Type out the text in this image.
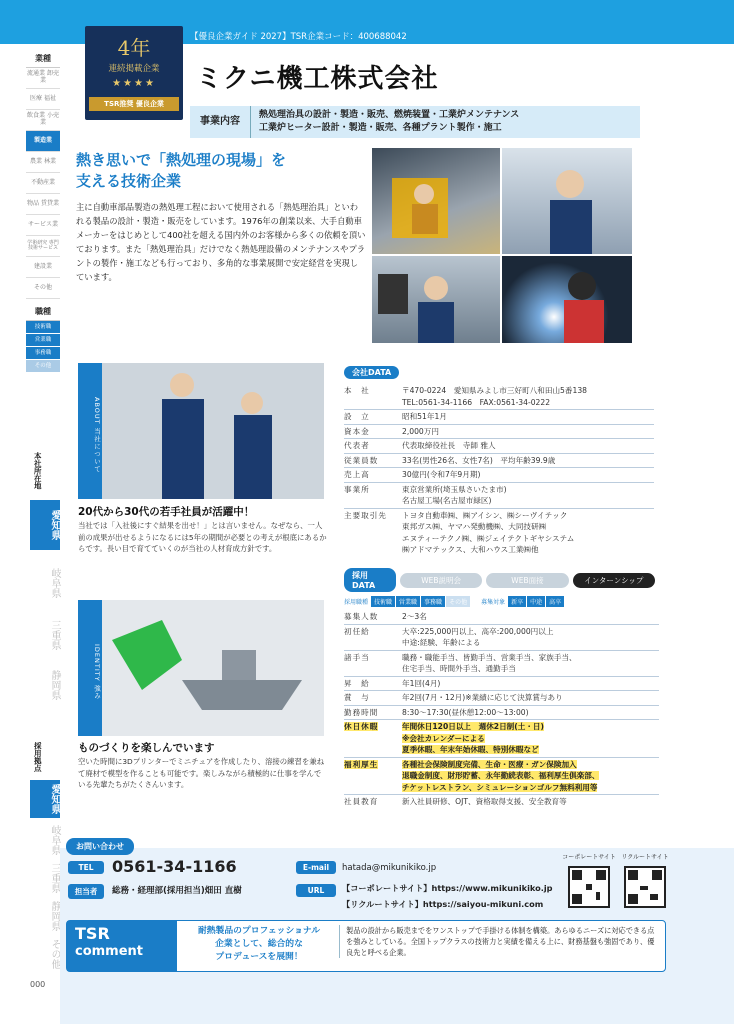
【優良企業ガイド 2027】TSR企業コード：400688042
業種
流通業 卸売業
医療 福祉
飲食業 小売業
製造業
農業 林業
不動産業
物品 賃貸業
サービス業
学術研究 専門 技術サービス
建設業
その他
職種
技術職
営業職
事務職
その他
本社所在地
愛知県
岐阜県
三重県
静岡県
採用拠点
愛知県
岐阜県
三重県
静岡県
その他
000
4年
連続掲載企業
★★★★
TSR推奨 優良企業
ミクニ機工株式会社
事業内容
熱処理治具の設計・製造・販売、燃焼装置・工業炉メンテナンス
工業炉ヒーター設計・製造・販売、各種プラント製作・施工
熱き思いで「熱処理の現場」を
支える技術企業
主に自動車部品製造の熱処理工程において使用される「熱処理治具」といわれる製品の設計・製造・販売をしています。1976年の創業以来、大手自動車メーカーをはじめとして400社を超える国内外のお客様から多くの依頼を頂いております。また「熱処理治具」だけでなく熱処理設備のメンテナンスやプラントの製作・施工なども行っており、多角的な事業展開で安定経営を実現しています。
ABOUT 当社について
20代から30代の若手社員が活躍中！
当社では「入社後にすぐ結果を出せ！」とは言いません。なぜなら、一人前の成果が出せるようになるには5年の期間が必要との考えが根底にあるからです。長い目で育てていくのが当社の人材育成方針です。
IDENTITY 強み
ものづくりを楽しんでいます
空いた時間に3Dプリンターでミニチュアを作成したり、溶接の練習を兼ねて廃材で模型を作ることも可能です。楽しみながら積極的に仕事を学んでいる先輩たちがたくさんいます。
会社DATA
本　社	〒470-0224　愛知県みよし市三好町八和田山5番138
TEL:0561-34-1166　FAX:0561-34-0222
設　立	昭和51年1月
資本金	2,000万円
代表者	代表取締役社長　寺師 雅人
従業員数	33名(男性26名、女性7名)　平均年齢39.9歳
売上高	30億円(令和7年9月期)
事業所	東京営業所(埼玉県さいたま市)
名古屋工場(名古屋市緑区)
主要取引先	トヨタ自動車㈱、㈱アイシン、㈱シーヴイテック
東邦ガス㈱、ヤマハ発動機㈱、大同技研㈱
エヌティーテクノ㈱、㈱ジェイテクトギヤシステム
㈱アドマテックス、大和ハウス工業㈱他
採用DATA
WEB説明会	WEB面接	インターンシップ
採用職種	技術職	営業職	事務職	その他	募集対象	新卒	中途	高卒
募集人数	2〜3名
初任給	大卒:225,000円以上、高卒:200,000円以上
中途:経験、年齢による
諸手当	職務・職能手当、皆勤手当、営業手当、家族手当、
住宅手当、時間外手当、通勤手当
昇　給	年1回(4月)
賞　与	年2回(7月・12月)※業績に応じて決算賞与あり
勤務時間	8:30〜17:30(昼休憩12:00〜13:00)
休日休暇	年間休日120日以上　週休2日制(土・日)
※会社カレンダーによる
夏季休暇、年末年始休暇、特別休暇など
福利厚生	各種社会保険制度完備、生命・医療・ガン保険加入
退職金制度、財形貯蓄、永年勤続表彰、福利厚生倶楽部、
チケットレストラン、シミュレーションゴルフ無料利用等
社員教育	新入社員研修、OJT、資格取得支援、安全教育等
お問い合わせ
TEL	0561-34-1166
担当者	総務・経理部(採用担当)畑田 直樹
E-mail	hatada@mikunikiko.jp
URL	【コーポレートサイト】https://www.mikunikiko.jp
【リクルートサイト】https://saiyou-mikuni.com
コーポレートサイト リクルートサイト
TSR
comment
耐熱製品のプロフェッショナル
企業として、総合的な
プロデュースを展開！
製品の設計から販売までをワンストップで手掛ける体制を構築。あらゆるニーズに対応できる点を強みとしている。全国トップクラスの技術力と実績を備える上に、財務基盤も強固であり、優良先と呼べる企業。
